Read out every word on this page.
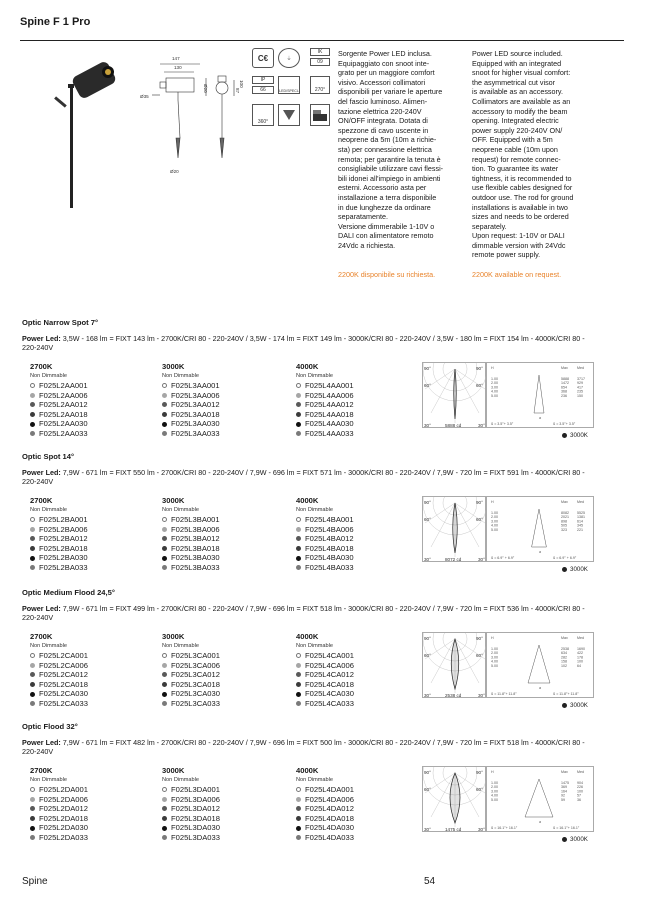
Spine F 1 Pro
147
130
Ø35
Ø20
87
Ø20
100
C€	⏚
IK
09
IP
66	LED/SPECL	270°
360°

Sorgente Power LED inclusa.
Equipaggiato con snoot inte-
grato per un maggiore comfort
visivo. Accessori collimatori
disponibili per variare le aperture
del fascio luminoso. Alimen-
tazione elettrica 220-240V
ON/OFF integrata. Dotata di
spezzone di cavo uscente in
neoprene da 5m (10m a richie-
sta) per connessione elettrica
remota; per garantire la tenuta è
consigliabile utilizzare cavi flessi-
bili idonei all'impiego in ambienti
esterni. Accessorio asta per
installazione a terra disponibile
in due lunghezze da ordinare
separatamente.
Versione dimmerabile 1-10V o
DALI con alimentatore remoto
24Vdc a richiesta.

Power LED source included.
Equipped with an integrated
snoot for higher visual comfort:
the asymmetrical cut visor
is available as an accessory.
Collimators are available as an
accessory to modify the beam
opening. Integrated electric
power supply 220-240V ON/
OFF. Equipped with a 5m
neoprene cable (10m upon
request) for remote connec-
tion. To guarantee its water
tightness, it is recommended to
use flexible cables designed for
outdoor use. The rod for ground
installations is available in two
sizes and needs to be ordered
separately.
Upon request: 1-10V or DALI
dimmable version with 24Vdc
remote power supply.

2200K disponibile su richiesta.	2200K available on request.
Optic Narrow Spot 7°
Power Led: 3,5W - 168 lm = FIXT 143 lm - 2700K/CRI 80 - 220-240V / 3,5W - 174 lm = FIXT 149 lm - 3000K/CRI 80 - 220-240V / 3,5W - 180 lm = FIXT 154 lm - 4000K/CRI 80 - 220-240V
2700K
Non Dimmable
F025L2AA001
F025L2AA006
F025L2AA012
F025L2AA018
F025L2AA030
F025L2AA033
3000K
Non Dimmable
F025L3AA001
F025L3AA006
F025L3AA012
F025L3AA018
F025L3AA030
F025L3AA033
4000K
Non Dimmable
F025L4AA001
F025L4AA006
F025L4AA012
F025L4AA018
F025L4AA030
F025L4AA033
90°	90°
60°	60°
30°	30°
5888 cd
H	Max	Med
1.00	5888 3717
2.00	1472 929
3.00	654	417
4.00	368	235
5.00	236	150
a
ß = 3.5°+ 3.5°	ß = 3.5°+ 3.5°
3000K
Optic Spot 14°
Power Led: 7,9W - 671 lm = FIXT 550 lm - 2700K/CRI 80 - 220-240V / 7,9W - 696 lm = FIXT 571 lm - 3000K/CRI 80 - 220-240V / 7,9W - 720 lm = FIXT 591 lm - 4000K/CRI 80 - 220-240V
2700K
Non Dimmable
F025L2BA001
F025L2BA006
F025L2BA012
F025L2BA018
F025L2BA030
F025L2BA033
3000K
Non Dimmable
F025L3BA001
F025L3BA006
F025L3BA012
F025L3BA018
F025L3BA030
F025L3BA033
4000K
Non Dimmable
F025L4BA001
F025L4BA006
F025L4BA012
F025L4BA018
F025L4BA030
F025L4BA033
90°	90°
60°	60°
30°	30°
8072 cd
H	Max	Med
1.00	8082 5525
2.00	2021 1381
3.00	898	614
4.00	505	345
5.00	323	221
a
ß = 6.9° + 6.9°	ß = 6.9° + 6.9°
3000K
Optic Medium Flood 24,5°
Power Led: 7,9W - 671 lm = FIXT 499 lm - 2700K/CRI 80 - 220-240V / 7,9W - 696 lm = FIXT 518 lm - 3000K/CRI 80 - 220-240V / 7,9W - 720 lm = FIXT 536 lm - 4000K/CRI 80 - 220-240V
2700K
Non Dimmable
F025L2CA001
F025L2CA006
F025L2CA012
F025L2CA018
F025L2CA030
F025L2CA033
3000K
Non Dimmable
F025L3CA001
F025L3CA006
F025L3CA012
F025L3CA018
F025L3CA030
F025L3CA033
4000K
Non Dimmable
F025L4CA001
F025L4CA006
F025L4CA012
F025L4CA018
F025L4CA030
F025L4CA033
90°	90°
60°	60°
30°	30°
2538 cd
H	Max	Med
1.00	2538 1690
2.00	634	422
3.00	282	178
4.00	158	100
5.00	102	64
a
ß = 11.8°+ 11.8°	ß = 11.8°+ 11.8°
3000K
Optic Flood 32°
Power Led: 7,9W - 671 lm = FIXT 482 lm - 2700K/CRI 80 - 220-240V / 7,9W - 696 lm = FIXT 500 lm - 3000K/CRI 80 - 220-240V / 7,9W - 720 lm = FIXT 518 lm - 4000K/CRI 80 - 220-240V
2700K
Non Dimmable
F025L2DA001
F025L2DA006
F025L2DA012
F025L2DA018
F025L2DA030
F025L2DA033
3000K
Non Dimmable
F025L3DA001
F025L3DA006
F025L3DA012
F025L3DA018
F025L3DA030
F025L3DA033
4000K
Non Dimmable
F025L4DA001
F025L4DA006
F025L4DA012
F025L4DA018
F025L4DA030
F025L4DA033
90°	90°
60°	60°
30°	30°
1475 cd
H	Max	Med
1.00	1475 904
2.00	369	226
3.00	164	100
4.00	92	57
5.00	59	36
a
ß = 16.1°+ 16.1°	ß = 16.1°+ 16.1°
3000K
Spine	54
